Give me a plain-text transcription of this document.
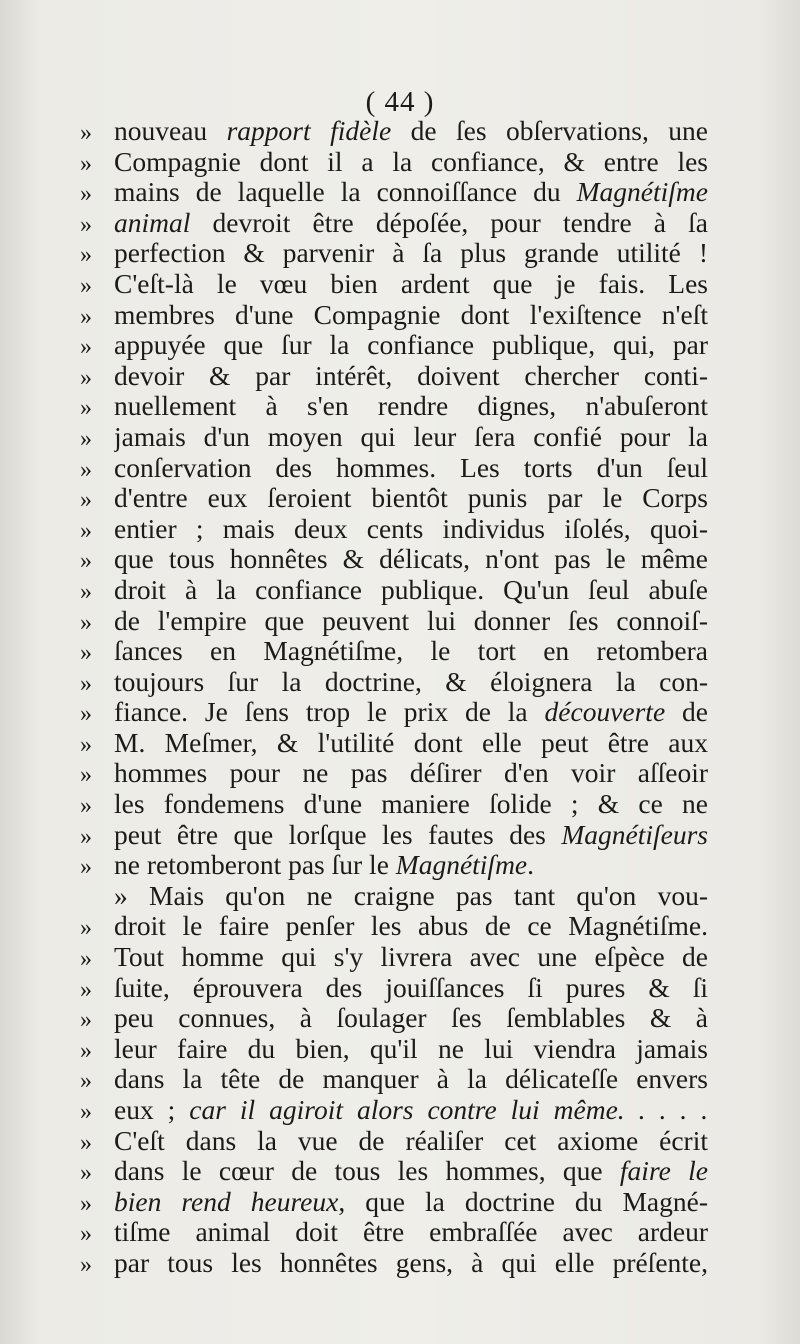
( 44 )
» nouveau rapport fidèle de ſes obſervations, une
» Compagnie dont il a la confiance, & entre les
» mains de laquelle la connoiſſance du Magnétiſme
» animal devroit être dépoſée, pour tendre à ſa
» perfection & parvenir à ſa plus grande utilité !
» C'eſt-là le vœu bien ardent que je fais. Les
» membres d'une Compagnie dont l'exiſtence n'eſt
» appuyée que ſur la confiance publique, qui, par
» devoir & par intérêt, doivent chercher conti-
» nuellement à s'en rendre dignes, n'abuſeront
» jamais d'un moyen qui leur ſera confié pour la
» conſervation des hommes. Les torts d'un ſeul
» d'entre eux ſeroient bientôt punis par le Corps
» entier ; mais deux cents individus iſolés, quoi-
» que tous honnêtes & délicats, n'ont pas le même
» droit à la confiance publique. Qu'un ſeul abuſe
» de l'empire que peuvent lui donner ſes connoiſ-
» ſances en Magnétiſme, le tort en retombera
» toujours ſur la doctrine, & éloignera la con-
» fiance. Je ſens trop le prix de la découverte de
» M. Meſmer, & l'utilité dont elle peut être aux
» hommes pour ne pas déſirer d'en voir aſſeoir
» les fondemens d'une maniere ſolide ; & ce ne
» peut être que lorſque les fautes des Magnétiſeurs
» ne retomberont pas ſur le Magnétiſme.
» Mais qu'on ne craigne pas tant qu'on vou-
» droit le faire penſer les abus de ce Magnétiſme.
» Tout homme qui s'y livrera avec une eſpèce de
» ſuite, éprouvera des jouiſſances ſi pures & ſi
» peu connues, à ſoulager ſes ſemblables & à
» leur faire du bien, qu'il ne lui viendra jamais
» dans la tête de manquer à la délicateſſe envers
» eux ; car il agiroit alors contre lui même. . . . .
» C'eſt dans la vue de réaliſer cet axiome écrit
» dans le cœur de tous les hommes, que faire le
» bien rend heureux, que la doctrine du Magné-
» tiſme animal doit être embraſſée avec ardeur
» par tous les honnêtes gens, à qui elle préſente,
